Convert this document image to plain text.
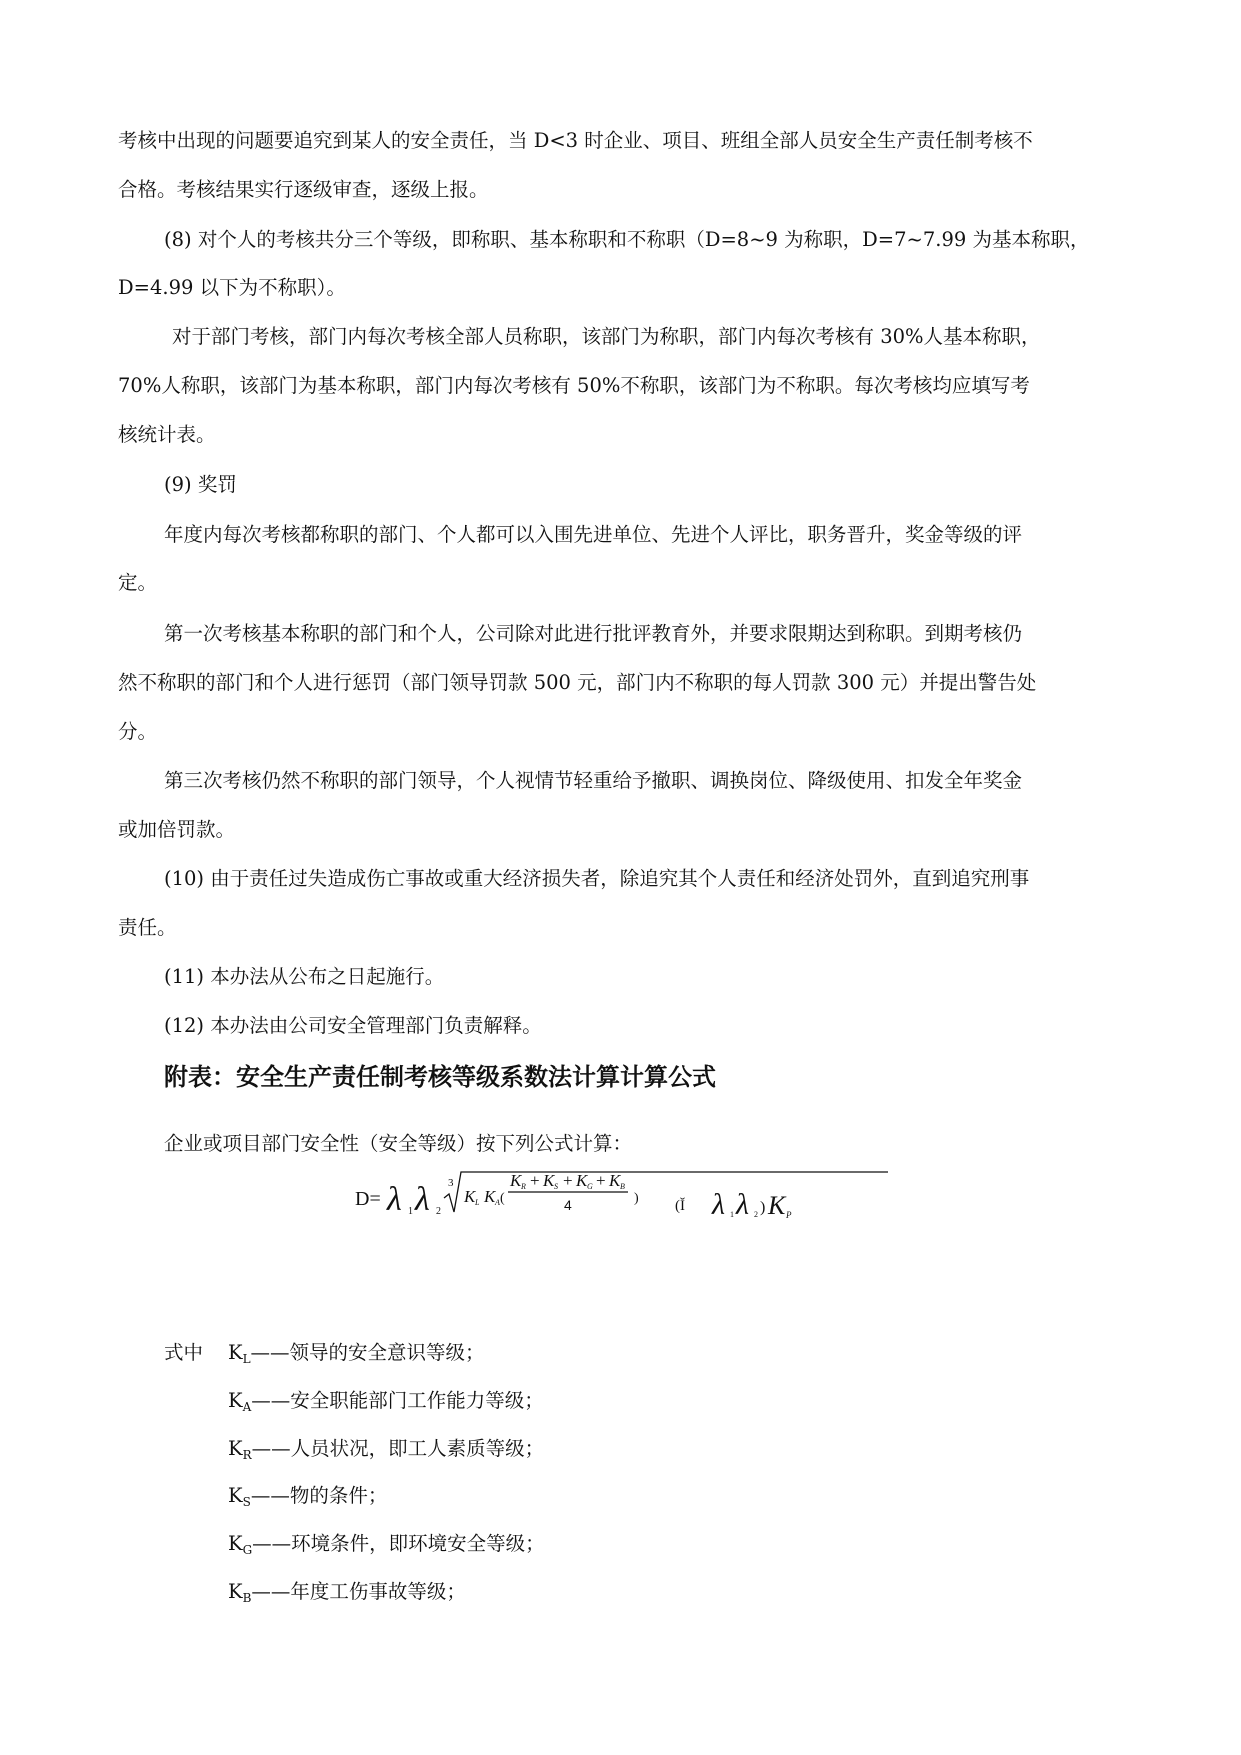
考核中出现的问题要追究到某人的安全责任，当 D<3 时企业、项目、班组全部人员安全生产责任制考核不
合格。考核结果实行逐级审查，逐级上报。
(8) 对个人的考核共分三个等级，即称职、基本称职和不称职（D=8~9 为称职，D=7~7.99 为基本称职，
D=4.99 以下为不称职）。
对于部门考核，部门内每次考核全部人员称职，该部门为称职，部门内每次考核有 30%人基本称职，
70%人称职，该部门为基本称职，部门内每次考核有 50%不称职，该部门为不称职。每次考核均应填写考
核统计表。
(9) 奖罚
年度内每次考核都称职的部门、个人都可以入围先进单位、先进个人评比，职务晋升，奖金等级的评
定。
第一次考核基本称职的部门和个人，公司除对此进行批评教育外，并要求限期达到称职。到期考核仍
然不称职的部门和个人进行惩罚（部门领导罚款 500 元，部门内不称职的每人罚款 300 元）并提出警告处
分。
第三次考核仍然不称职的部门领导，个人视情节轻重给予撤职、调换岗位、降级使用、扣发全年奖金
或加倍罚款。
(10) 由于责任过失造成伤亡事故或重大经济损失者，除追究其个人责任和经济处罚外，直到追究刑事
责任。
(11) 本办法从公布之日起施行。
(12) 本办法由公司安全管理部门负责解释。
附表：安全生产责任制考核等级系数法计算计算公式
企业或项目部门安全性（安全等级）按下列公式计算：
D= λ 1 λ 2
3
K L K A (
K R + K S + K G + K B
4	) (Ĭ λ 1 λ 2 ) K P
式中 $K_L——$领导的安全意识等级；
$K_A——$安全职能部门工作能力等级；
$K_R——$人员状况，即工人素质等级；
$K_S——$物的条件；
$K_G——$环境条件，即环境安全等级；
$K_B——$年度工伤事故等级；
